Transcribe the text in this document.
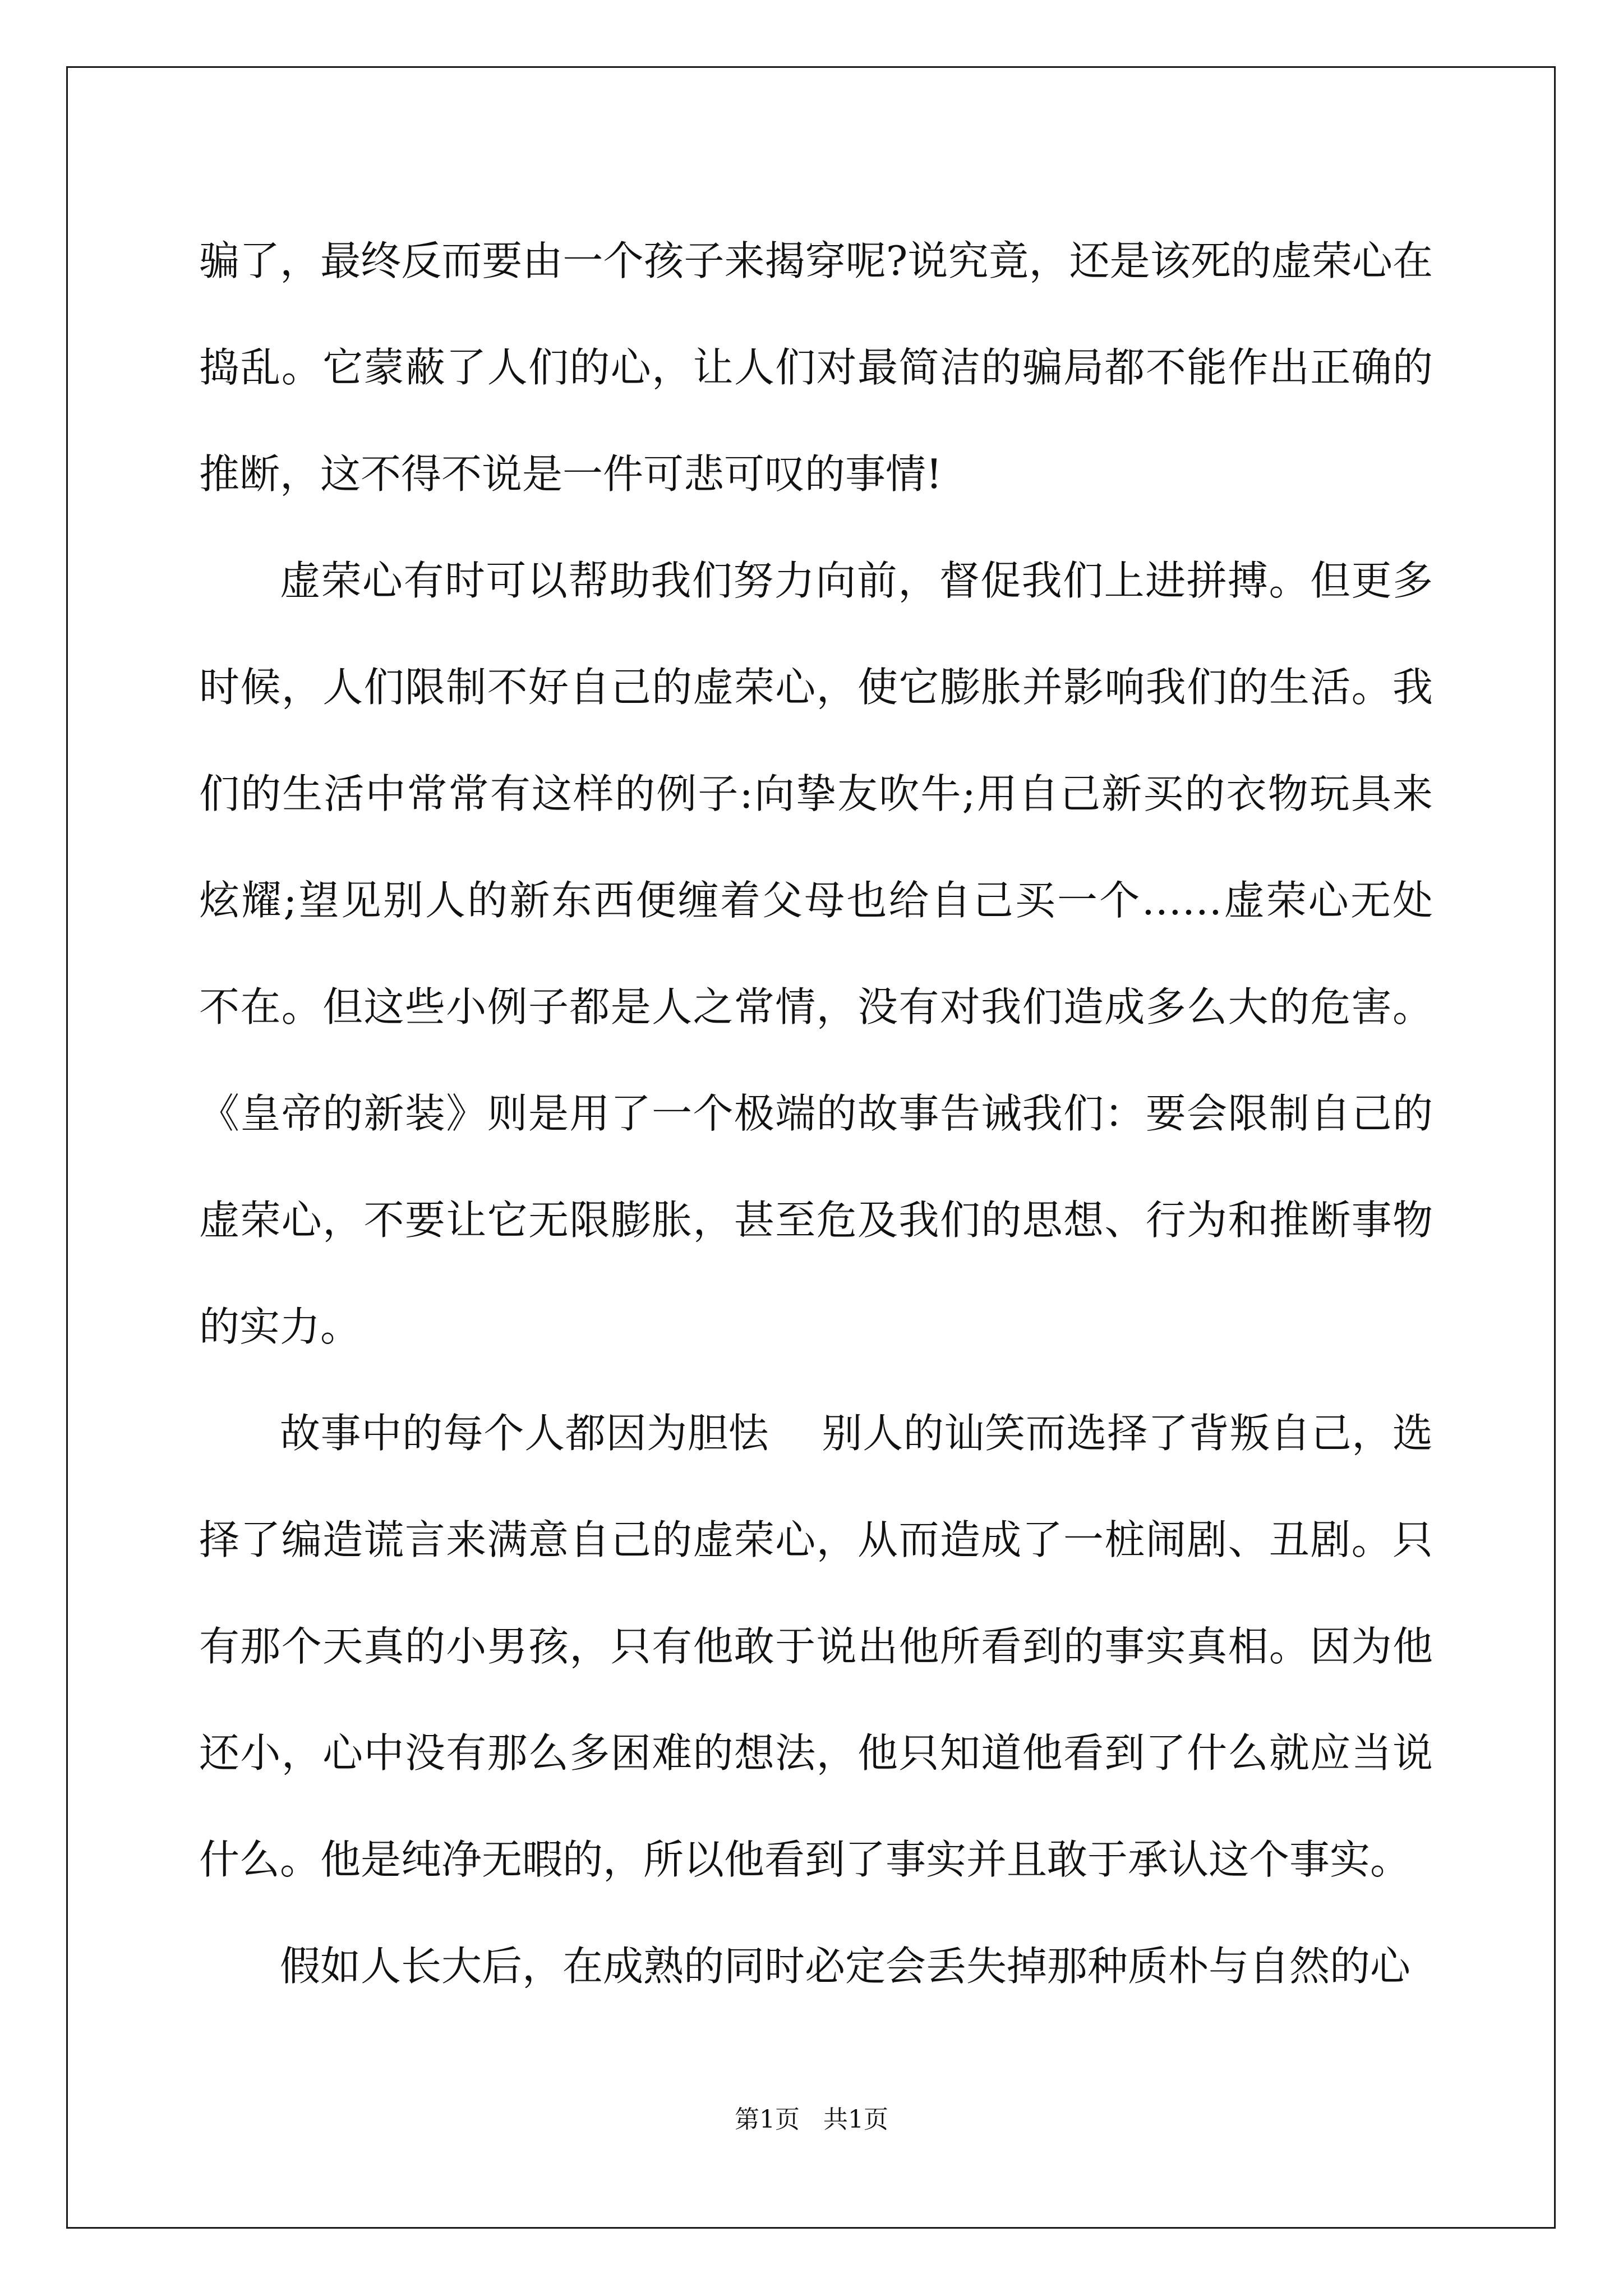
骗了，最终反而要由一个孩子来揭穿呢?说究竟，还是该死的虚荣心在
捣乱。它蒙蔽了人们的心，让人们对最简洁的骗局都不能作出正确的
推断，这不得不说是一件可悲可叹的事情!
虚荣心有时可以帮助我们努力向前，督促我们上进拼搏。但更多
时候，人们限制不好自己的虚荣心，使它膨胀并影响我们的生活。我
们的生活中常常有这样的例子:向挚友吹牛;用自己新买的衣物玩具来
炫耀;望见别人的新东西便缠着父母也给自己买一个……虚荣心无处
不在。但这些小例子都是人之常情，没有对我们造成多么大的危害。
《皇帝的新装》则是用了一个极端的故事告诫我们：要会限制自己的
虚荣心，不要让它无限膨胀，甚至危及我们的思想、行为和推断事物
的实力。
故事中的每个人都因为胆怯    别人的讪笑而选择了背叛自己，选
择了编造谎言来满意自己的虚荣心，从而造成了一桩闹剧、丑剧。只
有那个天真的小男孩，只有他敢于说出他所看到的事实真相。因为他
还小，心中没有那么多困难的想法，他只知道他看到了什么就应当说
什么。他是纯净无暇的，所以他看到了事实并且敢于承认这个事实。
假如人长大后，在成熟的同时必定会丢失掉那种质朴与自然的心
第1页   共1页
